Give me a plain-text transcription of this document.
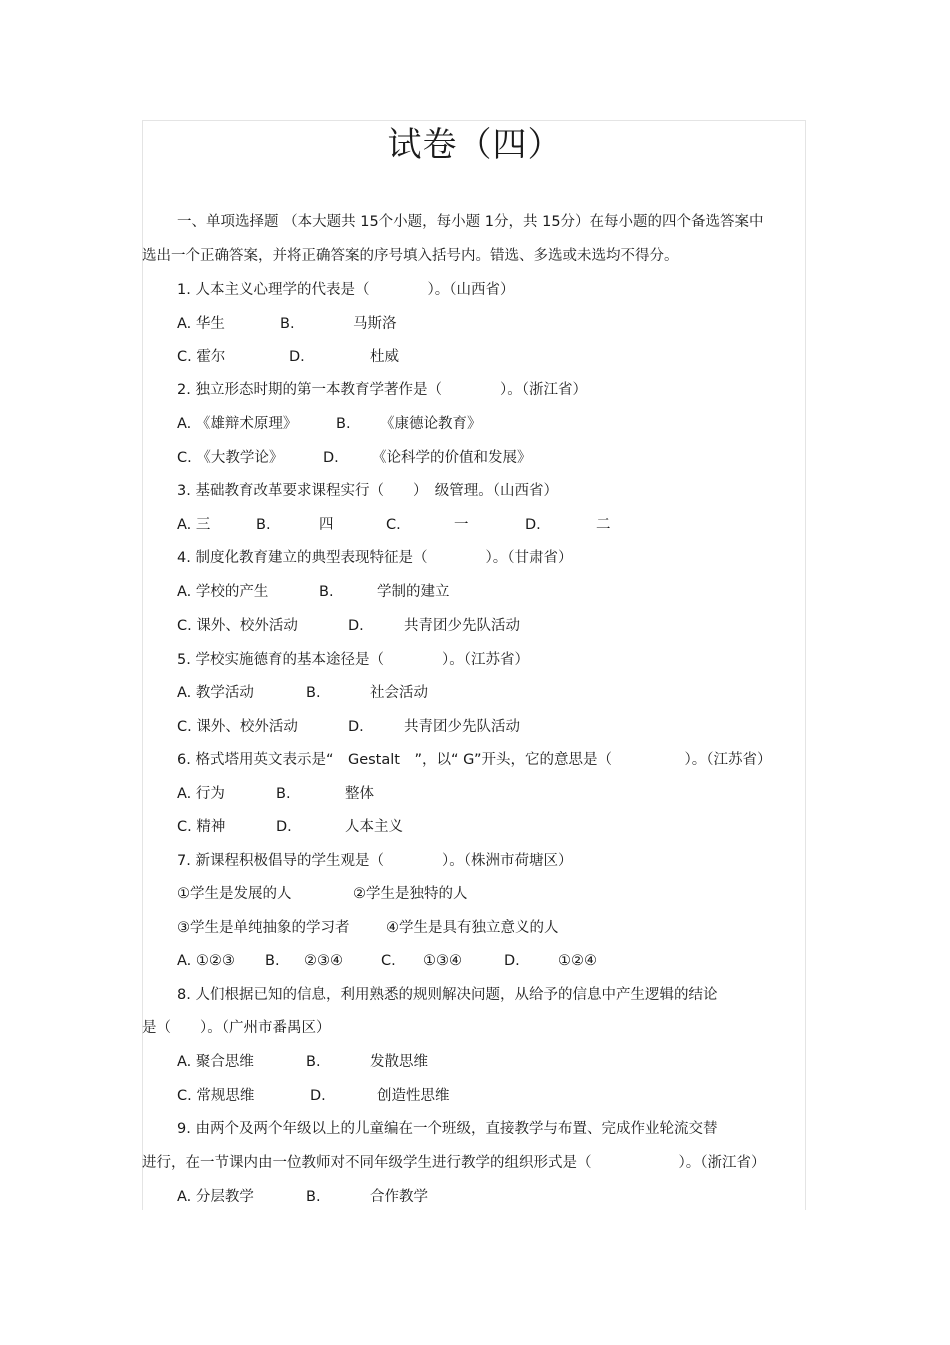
试卷（四）
一、单项选择题 （本大题共 15个小题，每小题 1分，共 15分）在每小题的四个备选答案中
选出一个正确答案，并将正确答案的序号填入括号内。错选、多选或未选均不得分。
1. 人本主义心理学的代表是（　　　　）。（山西省）
A. 华生	B.	马斯洛
C. 霍尔	D.	杜威
2. 独立形态时期的第一本教育学著作是（　　　　）。（浙江省）
A. 《雄辩术原理》	B. 《康德论教育》
C. 《大教学论》	D. 《论科学的价值和发展》
3. 基础教育改革要求课程实行（　　）　级管理。（山西省）
A. 三	B.	四	C.	一	D.	二
4. 制度化教育建立的典型表现特征是（　　　　）。（甘肃省）
A. 学校的产生	B.	学制的建立
C. 课外、校外活动	D.	共青团少先队活动
5. 学校实施德育的基本途径是（　　　　）。（江苏省）
A. 教学活动	B.	社会活动
C. 课外、校外活动	D.	共青团少先队活动
6. 格式塔用英文表示是“　Gestalt　”，以“ G”开头，它的意思是（　　　　　）。（江苏省）
A. 行为	B.	整体
C. 精神	D.	人本主义
7. 新课程积极倡导的学生观是（　　　　）。（株洲市荷塘区）
①学生是发展的人	②学生是独特的人
③学生是单纯抽象的学习者	④学生是具有独立意义的人
A. ①②③ B. ②③④	C. ①③④	D.	①②④
8. 人们根据已知的信息，利用熟悉的规则解决问题，从给予的信息中产生逻辑的结论
是（　　）。（广州市番禺区）
A. 聚合思维	B.	发散思维
C. 常规思维	D.	创造性思维
9. 由两个及两个年级以上的儿童编在一个班级，直接教学与布置、完成作业轮流交替
进行，在一节课内由一位教师对不同年级学生进行教学的组织形式是（　　　　　　）。（浙江省）
A. 分层教学	B.	合作教学
